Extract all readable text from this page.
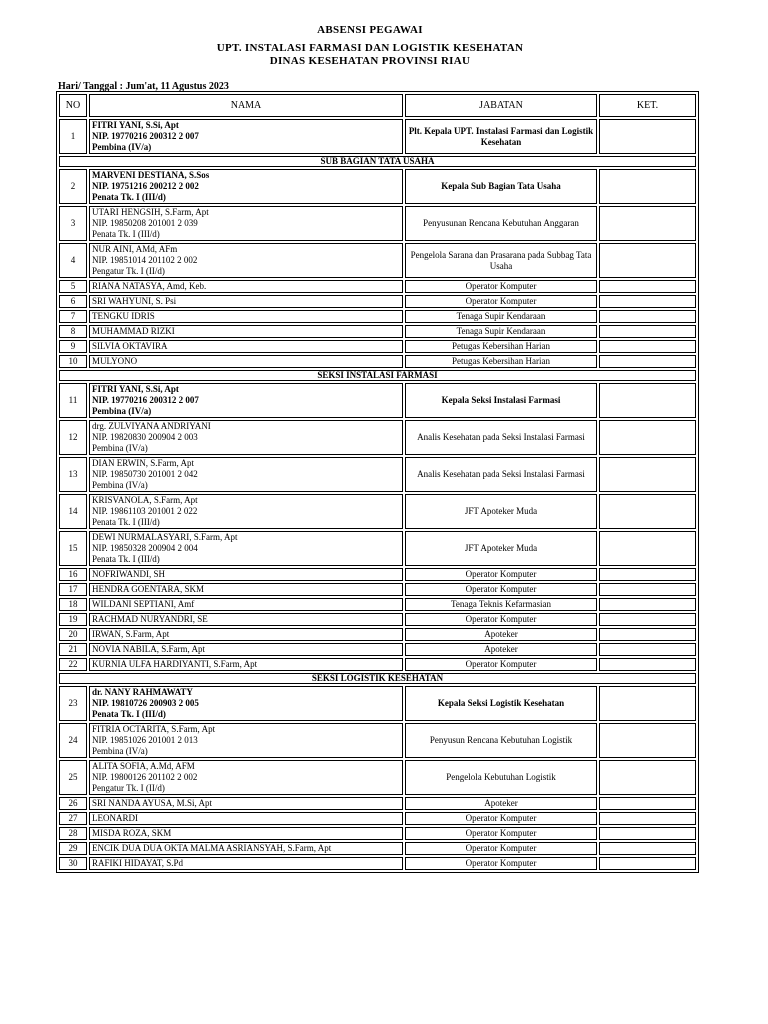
ABSENSI PEGAWAI
UPT. INSTALASI FARMASI DAN LOGISTIK KESEHATAN
DINAS KESEHATAN PROVINSI RIAU
Hari/ Tanggal : Jum'at, 11 Agustus 2023
NO	NAMA	JABATAN	KET.
1	FITRI YANI, S.Si, Apt
NIP. 19770216 200312 2 007
Pembina (IV/a)	Plt. Kepala UPT. Instalasi Farmasi dan Logistik Kesehatan	
SUB BAGIAN TATA USAHA			
2	MARVENI DESTIANA, S.Sos
NIP. 19751216 200212 2 002
Penata Tk. I (III/d)	Kepala Sub Bagian Tata Usaha	
3	UTARI HENGSIH, S.Farm, Apt
NIP. 19850208 201001 2 039
Penata Tk. I (III/d)	Penyusunan Rencana Kebutuhan Anggaran	
4	NUR AINI, AMd, AFm
NIP. 19851014 201102 2 002
Pengatur Tk. I (II/d)	Pengelola Sarana dan Prasarana pada Subbag Tata Usaha	
5	RIANA NATASYA, Amd, Keb.	Operator Komputer	
6	SRI WAHYUNI, S. Psi	Operator Komputer	
7	TENGKU IDRIS	Tenaga Supir Kendaraan	
8	MUHAMMAD RIZKI	Tenaga Supir Kendaraan	
9	SILVIA OKTAVIRA	Petugas Kebersihan Harian	
10	MULYONO	Petugas Kebersihan Harian	
SEKSI INSTALASI FARMASI			
11	FITRI YANI, S.Si, Apt
NIP. 19770216 200312 2 007
Pembina (IV/a)	Kepala Seksi Instalasi Farmasi	
12	drg. ZULVIYANA ANDRIYANI
NIP. 19820830 200904 2 003
Pembina (IV/a)	Analis Kesehatan pada Seksi Instalasi Farmasi	
13	DIAN ERWIN, S.Farm, Apt
NIP. 19850730 201001 2 042
Pembina (IV/a)	Analis Kesehatan pada Seksi Instalasi Farmasi	
14	KRISVANOLA, S.Farm, Apt
NIP. 19861103 201001 2 022
Penata Tk. I (III/d)	JFT Apoteker Muda	
15	DEWI NURMALASYARI, S.Farm, Apt
NIP. 19850328 200904 2 004
Penata Tk. I (III/d)	JFT Apoteker Muda	
16	NOFRIWANDI, SH	Operator Komputer	
17	HENDRA GOENTARA, SKM	Operator Komputer	
18	WILDANI SEPTIANI, Amf	Tenaga Teknis Kefarmasian	
19	RACHMAD NURYANDRI, SE	Operator Komputer	
20	IRWAN, S.Farm, Apt	Apoteker	
21	NOVIA NABILA, S.Farm, Apt	Apoteker	
22	KURNIA ULFA HARDIYANTI, S.Farm, Apt	Operator Komputer	
SEKSI LOGISTIK KESEHATAN			
23	dr. NANY RAHMAWATY
NIP. 19810726 200903 2 005
Penata Tk. I (III/d)	Kepala Seksi Logistik Kesehatan	
24	FITRIA OCTARITA, S.Farm, Apt
NIP. 19851026 201001 2 013
Pembina (IV/a)	Penyusun Rencana Kebutuhan Logistik	
25	ALITA SOFIA, A.Md, AFM
NIP. 19800126 201102 2 002
Pengatur Tk. I (II/d)	Pengelola Kebutuhan Logistik	
26	SRI NANDA AYUSA, M.Si, Apt	Apoteker	
27	LEONARDI	Operator Komputer	
28	MISDA ROZA, SKM	Operator Komputer	
29	ENCIK DUA DUA OKTA MALMA ASRIANSYAH, S.Farm, Apt	Operator Komputer	
30	RAFIKI HIDAYAT, S.Pd	Operator Komputer	
